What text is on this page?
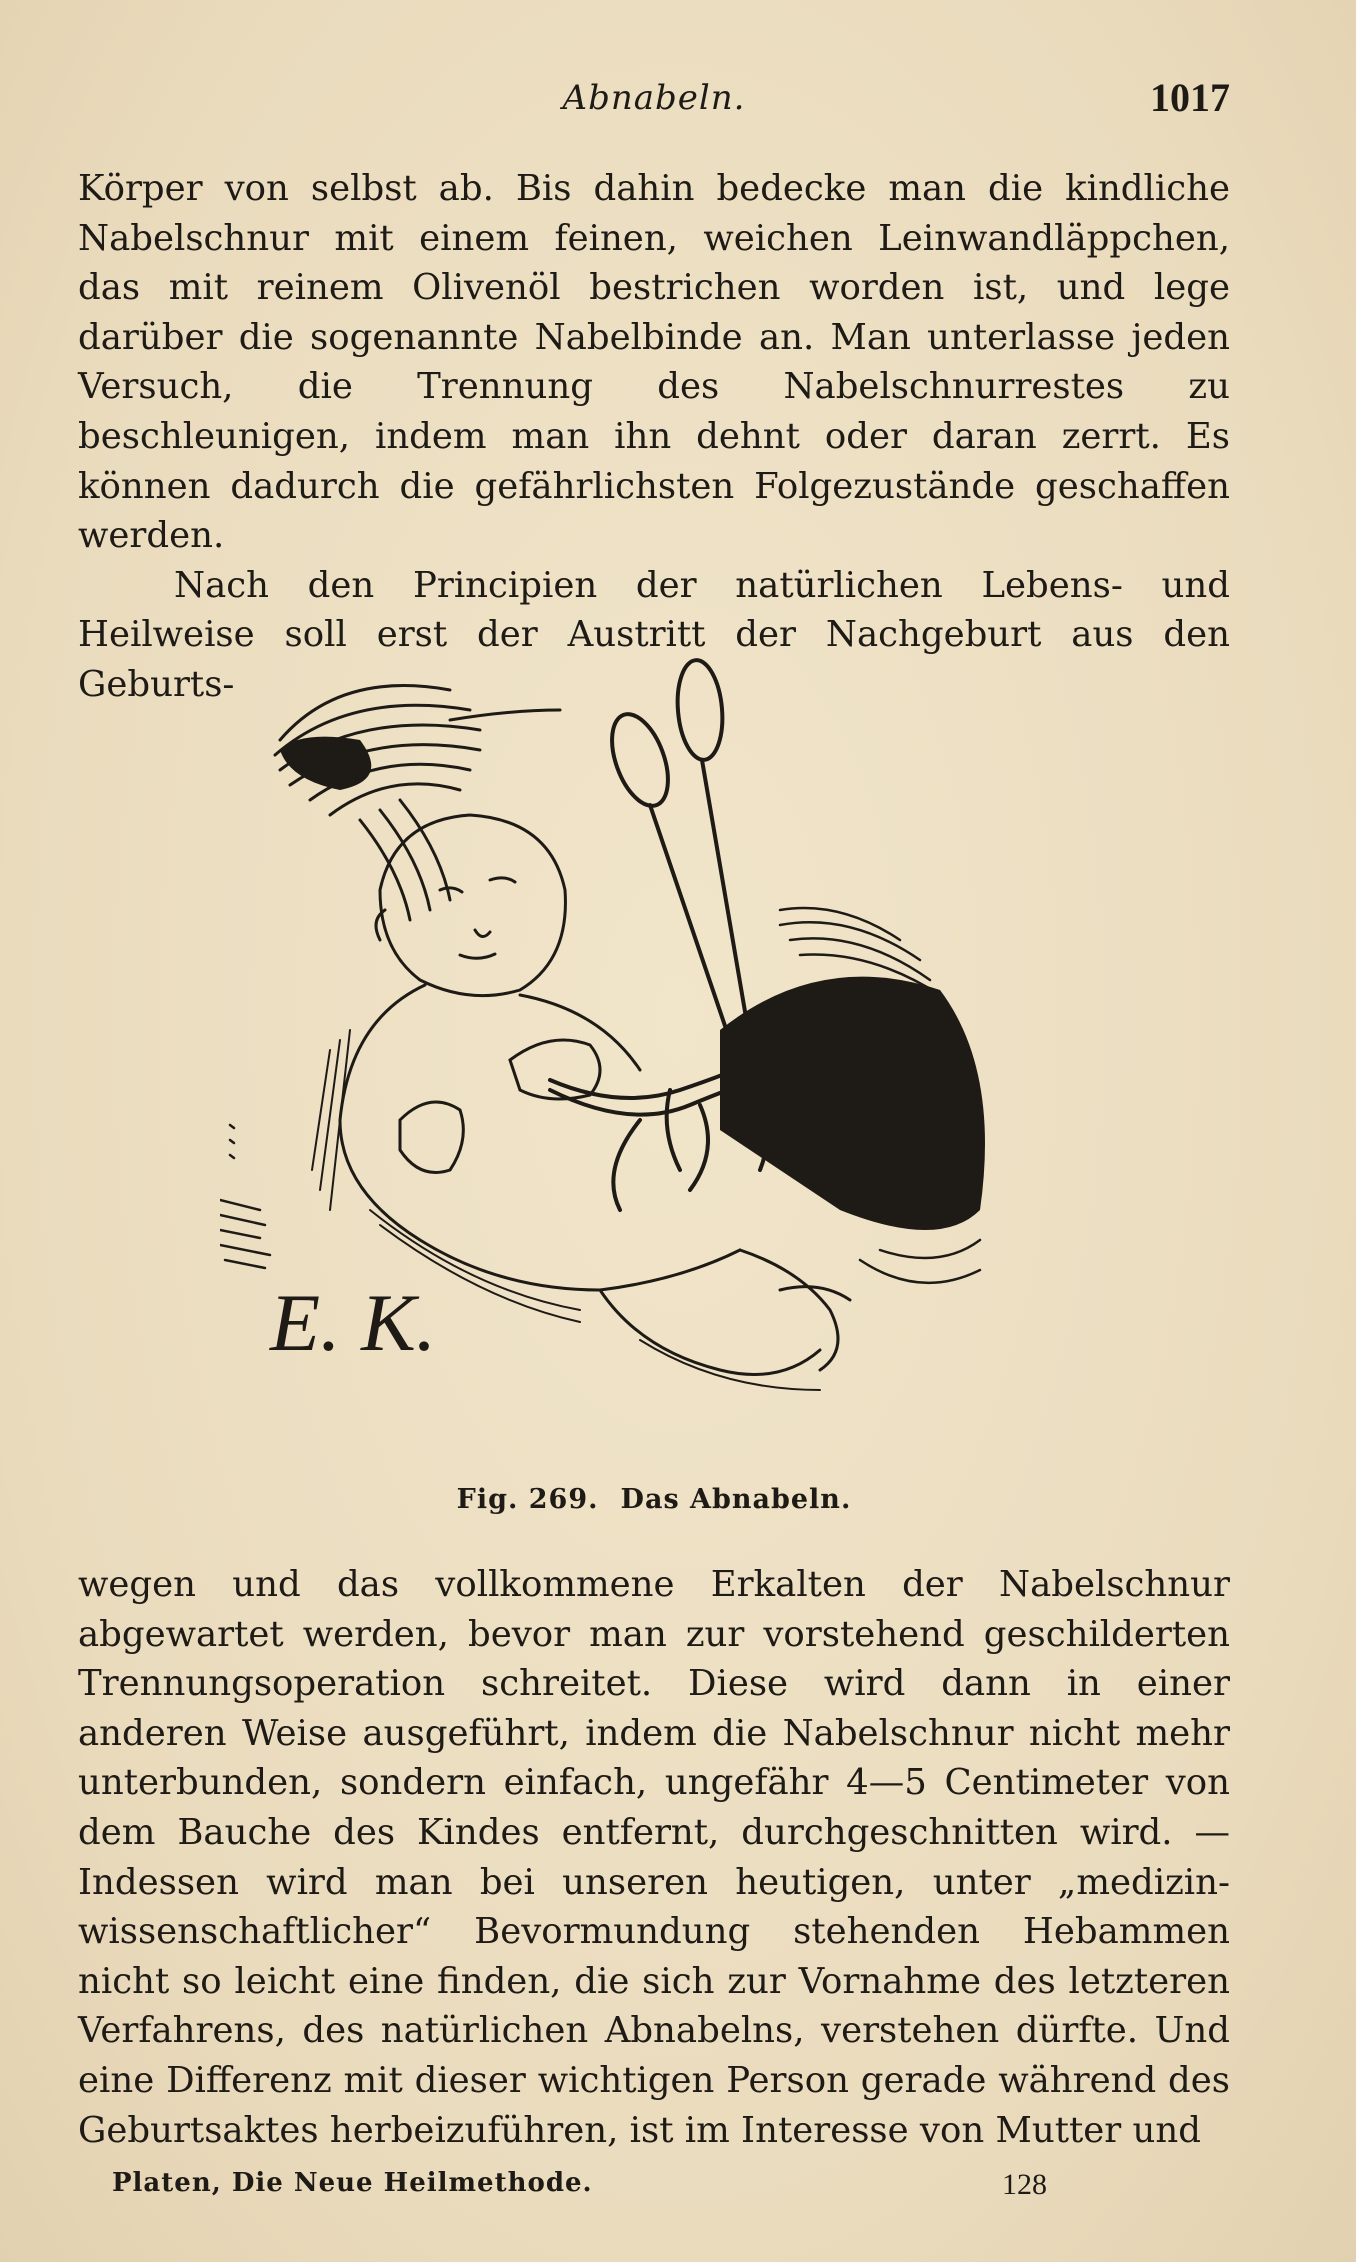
Abnabeln.	1017

Körper von selbst ab. Bis dahin bedecke man die kindliche Nabelschnur mit einem feinen, weichen Leinwandläppchen, das mit reinem Olivenöl bestrichen worden ist, und lege darüber die sogenannte Nabelbinde an. Man unterlasse jeden Versuch, die Trennung des Nabelschnurrestes zu beschleunigen, indem man ihn dehnt oder daran zerrt. Es können dadurch die gefährlichsten Folgezustände geschaffen werden.

Nach den Principien der natürlichen Lebens- und Heilweise soll erst der Austritt der Nachgeburt aus den Geburts-

E. K.
Fig. 269. Das Abnabeln.

wegen und das vollkommene Erkalten der Nabelschnur abgewartet werden, bevor man zur vorstehend geschilderten Trennungsoperation schreitet. Diese wird dann in einer anderen Weise ausgeführt, indem die Nabelschnur nicht mehr unterbunden, sondern einfach, ungefähr 4—5 Centimeter von dem Bauche des Kindes entfernt, durchgeschnitten wird. — Indessen wird man bei unseren heutigen, unter „medizin-wissenschaftlicher“ Bevormundung stehenden Hebammen nicht so leicht eine finden, die sich zur Vornahme des letzteren Verfahrens, des natürlichen Abnabelns, verstehen dürfte. Und eine Differenz mit dieser wichtigen Person gerade während des Geburtsaktes herbeizuführen, ist im Interesse von Mutter und

Platen, Die Neue Heilmethode.	128
